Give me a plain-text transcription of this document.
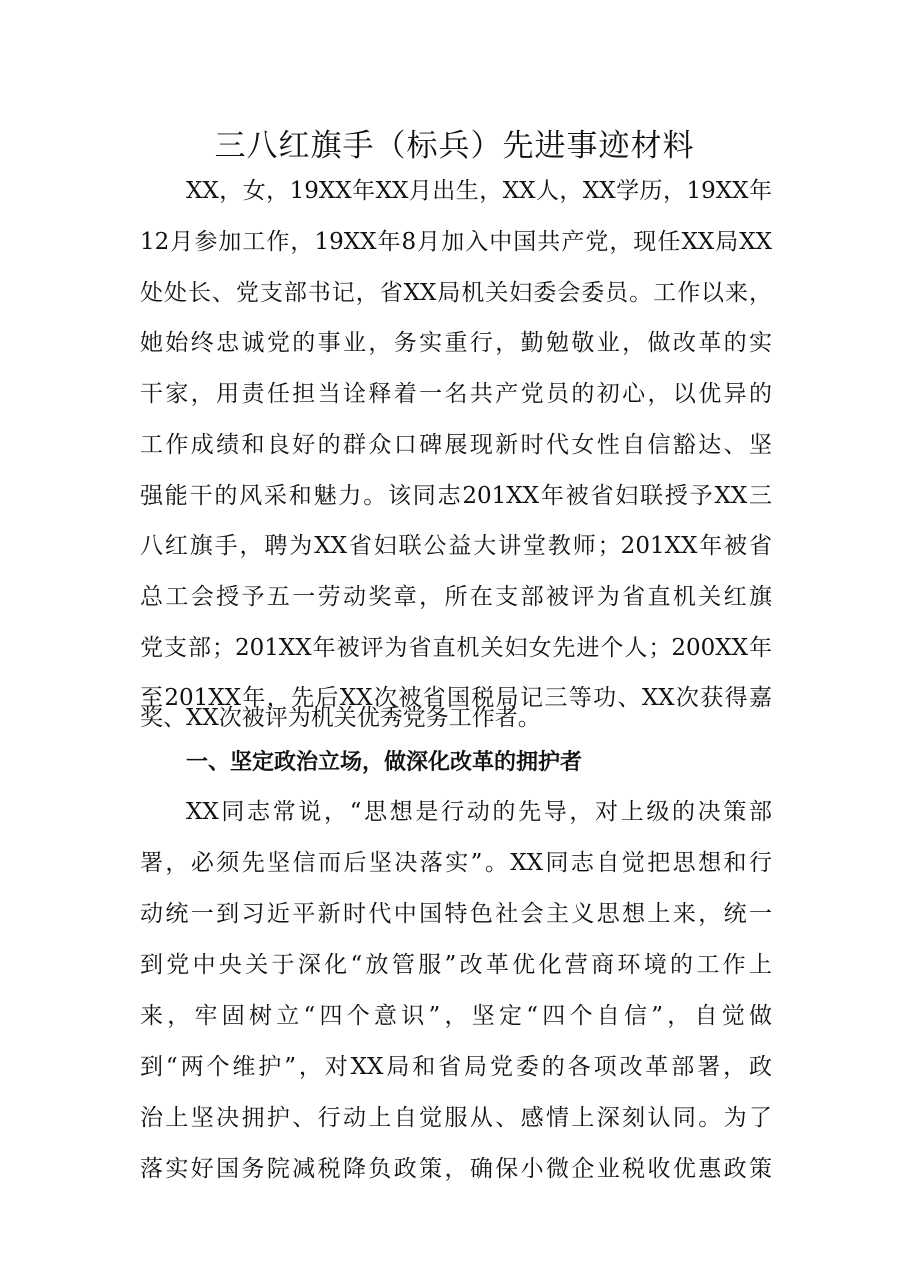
三八红旗手（标兵）先进事迹材料

XX，女，19XX年XX月出生，XX人，XX学历，19XX年

12月参加工作，19XX年8月加入中国共产党，现任XX局XX

处处长、党支部书记，省XX局机关妇委会委员。工作以来，

她始终忠诚党的事业，务实重行，勤勉敬业，做改革的实

干家，用责任担当诠释着一名共产党员的初心，以优异的

工作成绩和良好的群众口碑展现新时代女性自信豁达、坚

强能干的风采和魅力。该同志201XX年被省妇联授予XX三

八红旗手，聘为XX省妇联公益大讲堂教师；201XX年被省

总工会授予五一劳动奖章，所在支部被评为省直机关红旗

党支部；201XX年被评为省直机关妇女先进个人；200XX年

至201XX年，先后XX次被省国税局记三等功、XX次获得嘉

奖、XX次被评为机关优秀党务工作者。

一、坚定政治立场，做深化改革的拥护者

XX同志常说，“思想是行动的先导，对上级的决策部

署，必须先坚信而后坚决落实”。XX同志自觉把思想和行

动统一到习近平新时代中国特色社会主义思想上来，统一

到党中央关于深化“放管服”改革优化营商环境的工作上

来，牢固树立“四个意识”，坚定“四个自信”，自觉做

到“两个维护”，对XX局和省局党委的各项改革部署，政

治上坚决拥护、行动上自觉服从、感情上深刻认同。为了

落实好国务院减税降负政策，确保小微企业税收优惠政策
